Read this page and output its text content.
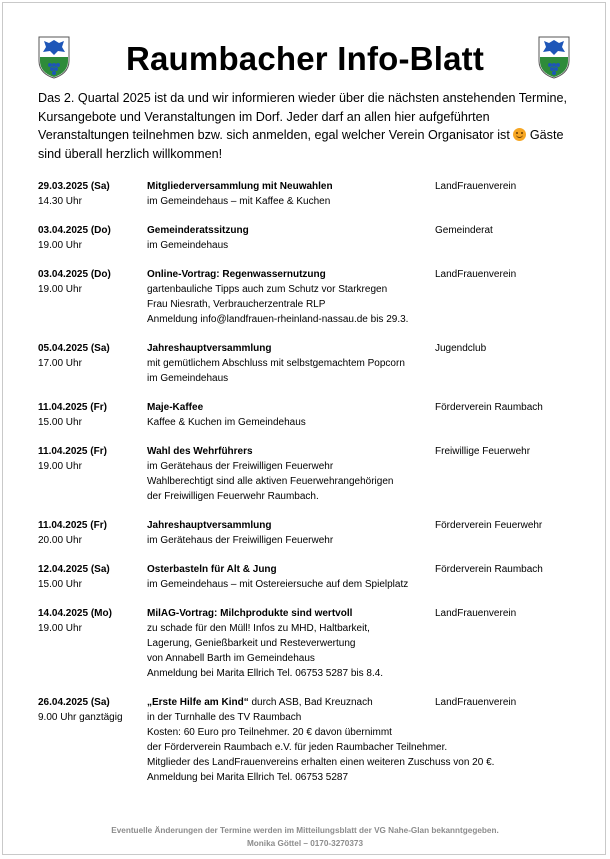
Raumbacher Info-Blatt

Das 2. Quartal 2025 ist da und wir informieren wieder über die nächsten anstehenden Termine, Kursangebote und Veranstaltungen im Dorf. Jeder darf an allen hier aufgeführten Veranstaltungen teilnehmen bzw. sich anmelden, egal welcher Verein Organisator ist  Gäste sind überall herzlich willkommen!

29.03.2025 (Sa)
14.30 Uhr
Mitgliederversammlung mit Neuwahlen
im Gemeindehaus – mit Kaffee & Kuchen
LandFrauenverein
03.04.2025 (Do)
19.00 Uhr
Gemeinderatssitzung
im Gemeindehaus
Gemeinderat
03.04.2025 (Do)
19.00 Uhr
Online-Vortrag: Regenwassernutzung
gartenbauliche Tipps auch zum Schutz vor Starkregen
Frau Niesrath, Verbraucherzentrale RLP
Anmeldung info@landfrauen-rheinland-nassau.de bis 29.3.
LandFrauenverein
05.04.2025 (Sa)
17.00 Uhr
Jahreshauptversammlung
mit gemütlichem Abschluss mit selbstgemachtem Popcorn
im Gemeindehaus
Jugendclub
11.04.2025 (Fr)
15.00 Uhr
Maje-Kaffee
Kaffee & Kuchen im Gemeindehaus
Förderverein Raumbach
11.04.2025 (Fr)
19.00 Uhr
Wahl des Wehrführers
im Gerätehaus der Freiwilligen Feuerwehr
Wahlberechtigt sind alle aktiven Feuerwehrangehörigen
der Freiwilligen Feuerwehr Raumbach.
Freiwillige Feuerwehr
11.04.2025 (Fr)
20.00 Uhr
Jahreshauptversammlung
im Gerätehaus der Freiwilligen Feuerwehr
Förderverein Feuerwehr
12.04.2025 (Sa)
15.00 Uhr
Osterbasteln für Alt & Jung
im Gemeindehaus – mit Ostereiersuche auf dem Spielplatz
Förderverein Raumbach
14.04.2025 (Mo)
19.00 Uhr
MilAG-Vortrag: Milchprodukte sind wertvoll
zu schade für den Müll! Infos zu MHD, Haltbarkeit,
Lagerung, Genießbarkeit und Resteverwertung
von Annabell Barth im Gemeindehaus
Anmeldung bei Marita Ellrich Tel. 06753 5287 bis 8.4.
LandFrauenverein
26.04.2025 (Sa)
9.00 Uhr ganztägig
„Erste Hilfe am Kind“ durch ASB, Bad Kreuznach
in der Turnhalle des TV Raumbach
Kosten: 60 Euro pro Teilnehmer. 20 € davon übernimmt
der Förderverein Raumbach e.V. für jeden Raumbacher Teilnehmer.
Mitglieder des LandFrauenvereins erhalten einen weiteren Zuschuss von 20 €.
Anmeldung bei Marita Ellrich Tel. 06753 5287
LandFrauenverein
Eventuelle Änderungen der Termine werden im Mitteilungsblatt der VG Nahe-Glan bekanntgegeben.
Monika Göttel – 0170-3270373
